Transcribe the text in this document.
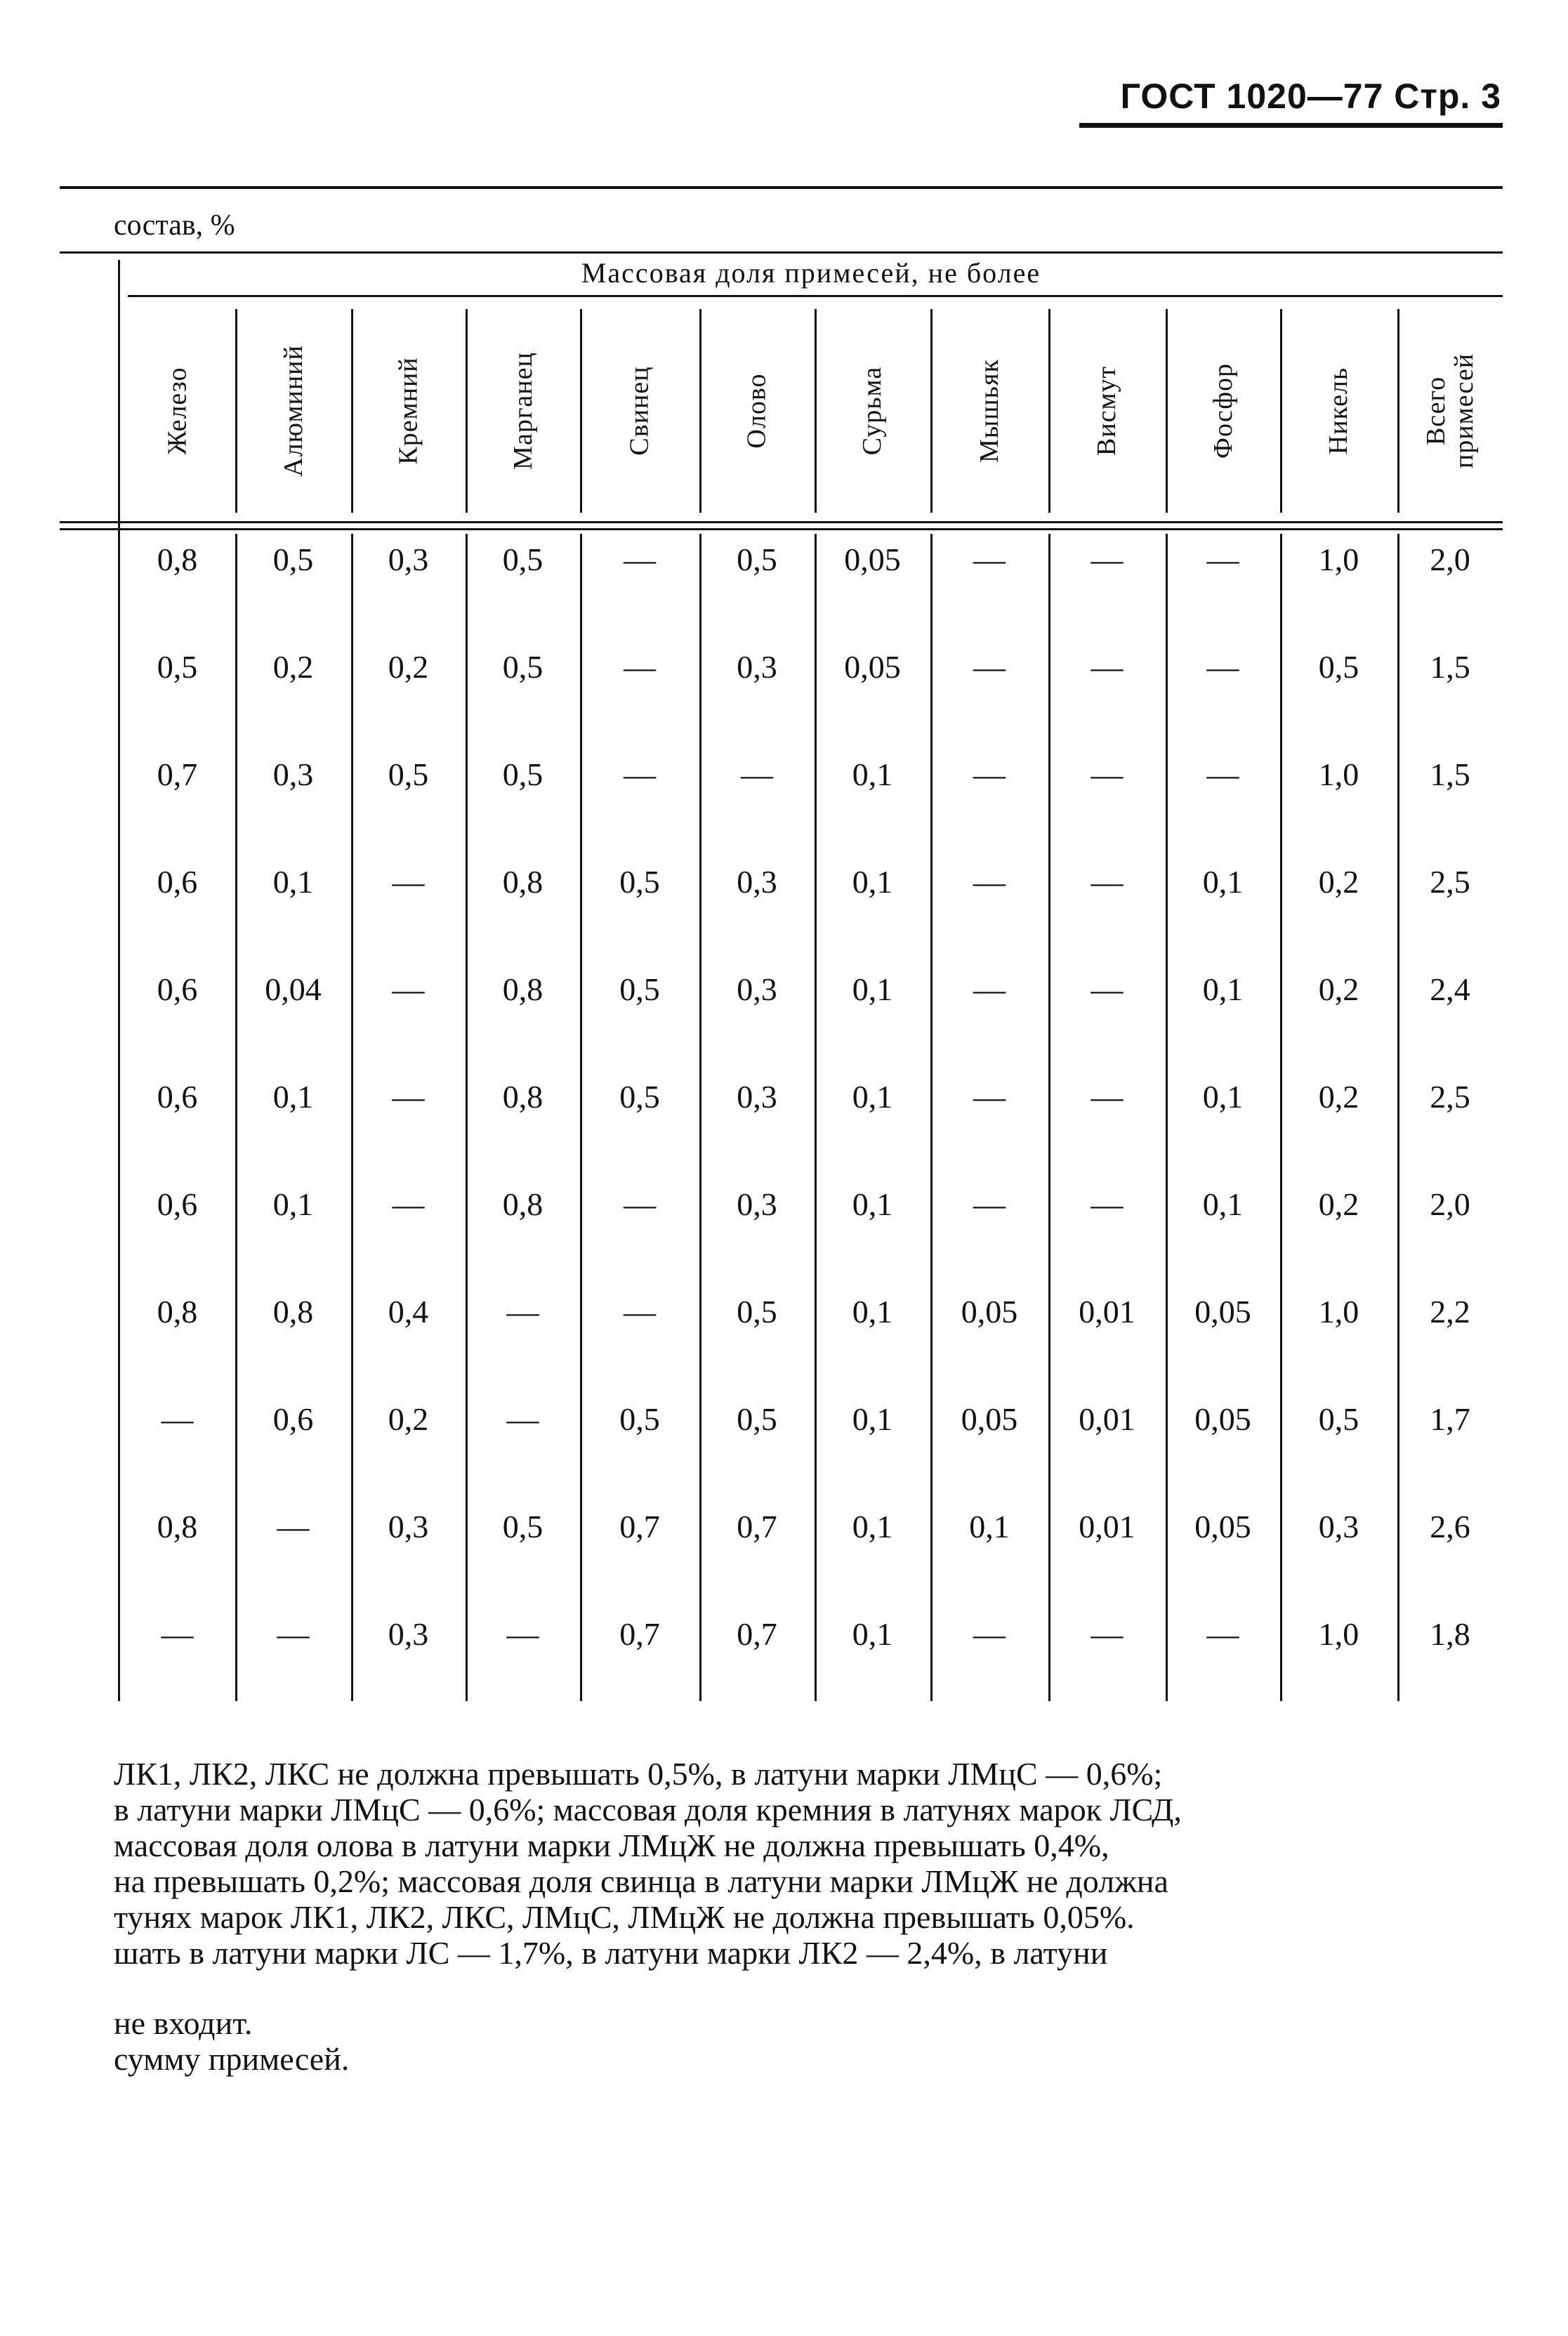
ГОСТ 1020—77 Стр. 3
состав, %
Массовая доля примесей, не более
Железо	Алюминий	Кремний	Марганец	Свинец	Олово	Сурьма	Мышьяк	Висмут	Фосфор	Никель	Всего примесей
0,8	0,5	0,3	0,5	—	0,5	0,05	—	—	—	1,0	2,0
0,5	0,2	0,2	0,5	—	0,3	0,05	—	—	—	0,5	1,5
0,7	0,3	0,5	0,5	—	—	0,1	—	—	—	1,0	1,5
0,6	0,1	—	0,8	0,5	0,3	0,1	—	—	0,1	0,2	2,5
0,6	0,04	—	0,8	0,5	0,3	0,1	—	—	0,1	0,2	2,4
0,6	0,1	—	0,8	0,5	0,3	0,1	—	—	0,1	0,2	2,5
0,6	0,1	—	0,8	—	0,3	0,1	—	—	0,1	0,2	2,0
0,8	0,8	0,4	—	—	0,5	0,1	0,05	0,01	0,05	1,0	2,2
—	0,6	0,2	—	0,5	0,5	0,1	0,05	0,01	0,05	0,5	1,7
0,8	—	0,3	0,5	0,7	0,7	0,1	0,1	0,01	0,05	0,3	2,6
—	—	0,3	—	0,7	0,7	0,1	—	—	—	1,0	1,8
ЛК1, ЛК2, ЛКС не должна превышать 0,5%, в латуни марки ЛМцС — 0,6%;
в латуни марки ЛМцС — 0,6%; массовая доля кремния в латунях марок ЛСД,
массовая доля олова в латуни марки ЛМцЖ не должна превышать 0,4%,
на превышать 0,2%; массовая доля свинца в латуни марки ЛМцЖ не должна
тунях марок ЛК1, ЛК2, ЛКС, ЛМцС, ЛМцЖ не должна превышать 0,05%.
шать в латуни марки ЛС — 1,7%, в латуни марки ЛК2 — 2,4%, в латуни
не входит.
сумму примесей.
